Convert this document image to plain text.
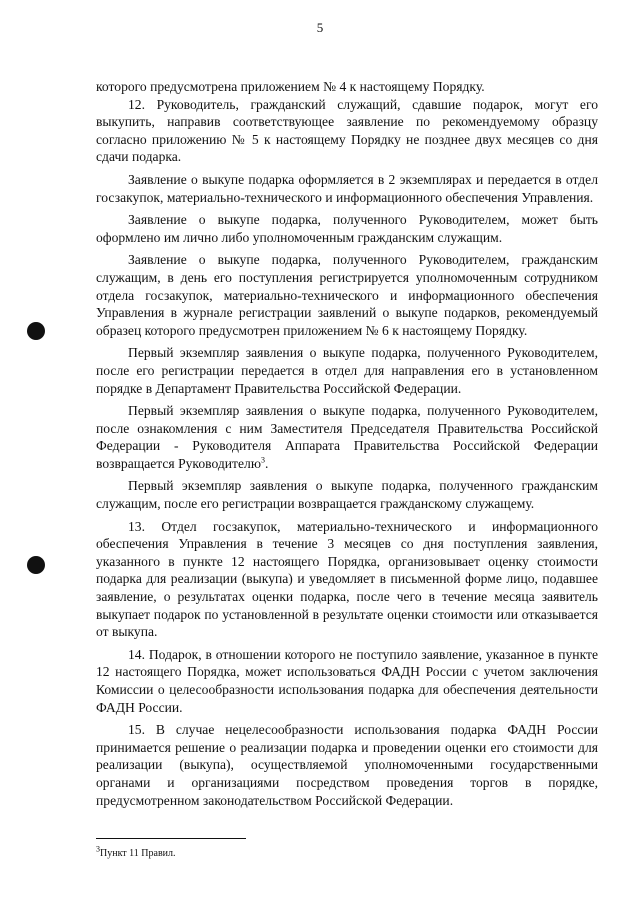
5

которого предусмотрена приложением № 4 к настоящему Порядку.

12. Руководитель, гражданский служащий, сдавшие подарок, могут его выкупить, направив соответствующее заявление по рекомендуемому образцу согласно приложению № 5 к настоящему Порядку не позднее двух месяцев со дня сдачи подарка.

Заявление о выкупе подарка оформляется в 2 экземплярах и передается в отдел госзакупок, материально-технического и информационного обеспечения Управления.

Заявление о выкупе подарка, полученного Руководителем, может быть оформлено им лично либо уполномоченным гражданским служащим.

Заявление о выкупе подарка, полученного Руководителем, гражданским служащим, в день его поступления регистрируется уполномоченным сотрудником отдела госзакупок, материально-технического и информационного обеспечения Управления в журнале регистрации заявлений о выкупе подарков, рекомендуемый образец которого предусмотрен приложением № 6 к настоящему Порядку.

Первый экземпляр заявления о выкупе подарка, полученного Руководителем, после его регистрации передается в отдел для направления его в установленном порядке в Департамент Правительства Российской Федерации.

Первый экземпляр заявления о выкупе подарка, полученного Руководителем, после ознакомления с ним Заместителя Председателя Правительства Российской Федерации - Руководителя Аппарата Правительства Российской Федерации возвращается Руководителю$^3$.

Первый экземпляр заявления о выкупе подарка, полученного гражданским служащим, после его регистрации возвращается гражданскому служащему.

13. Отдел госзакупок, материально-технического и информационного обеспечения Управления в течение 3 месяцев со дня поступления заявления, указанного в пункте 12 настоящего Порядка, организовывает оценку стоимости подарка для реализации (выкупа) и уведомляет в письменной форме лицо, подавшее заявление, о результатах оценки подарка, после чего в течение месяца заявитель выкупает подарок по установленной в результате оценки стоимости или отказывается от выкупа.

14. Подарок, в отношении которого не поступило заявление, указанное в пункте 12 настоящего Порядка, может использоваться ФАДН России с учетом заключения Комиссии о целесообразности использования подарка для обеспечения деятельности ФАДН России.

15. В случае нецелесообразности использования подарка ФАДН России принимается решение о реализации подарка и проведении оценки его стоимости для реализации (выкупа), осуществляемой уполномоченными государственными органами и организациями посредством проведения торгов в порядке, предусмотренном законодательством Российской Федерации.

$^3$Пункт 11 Правил.
